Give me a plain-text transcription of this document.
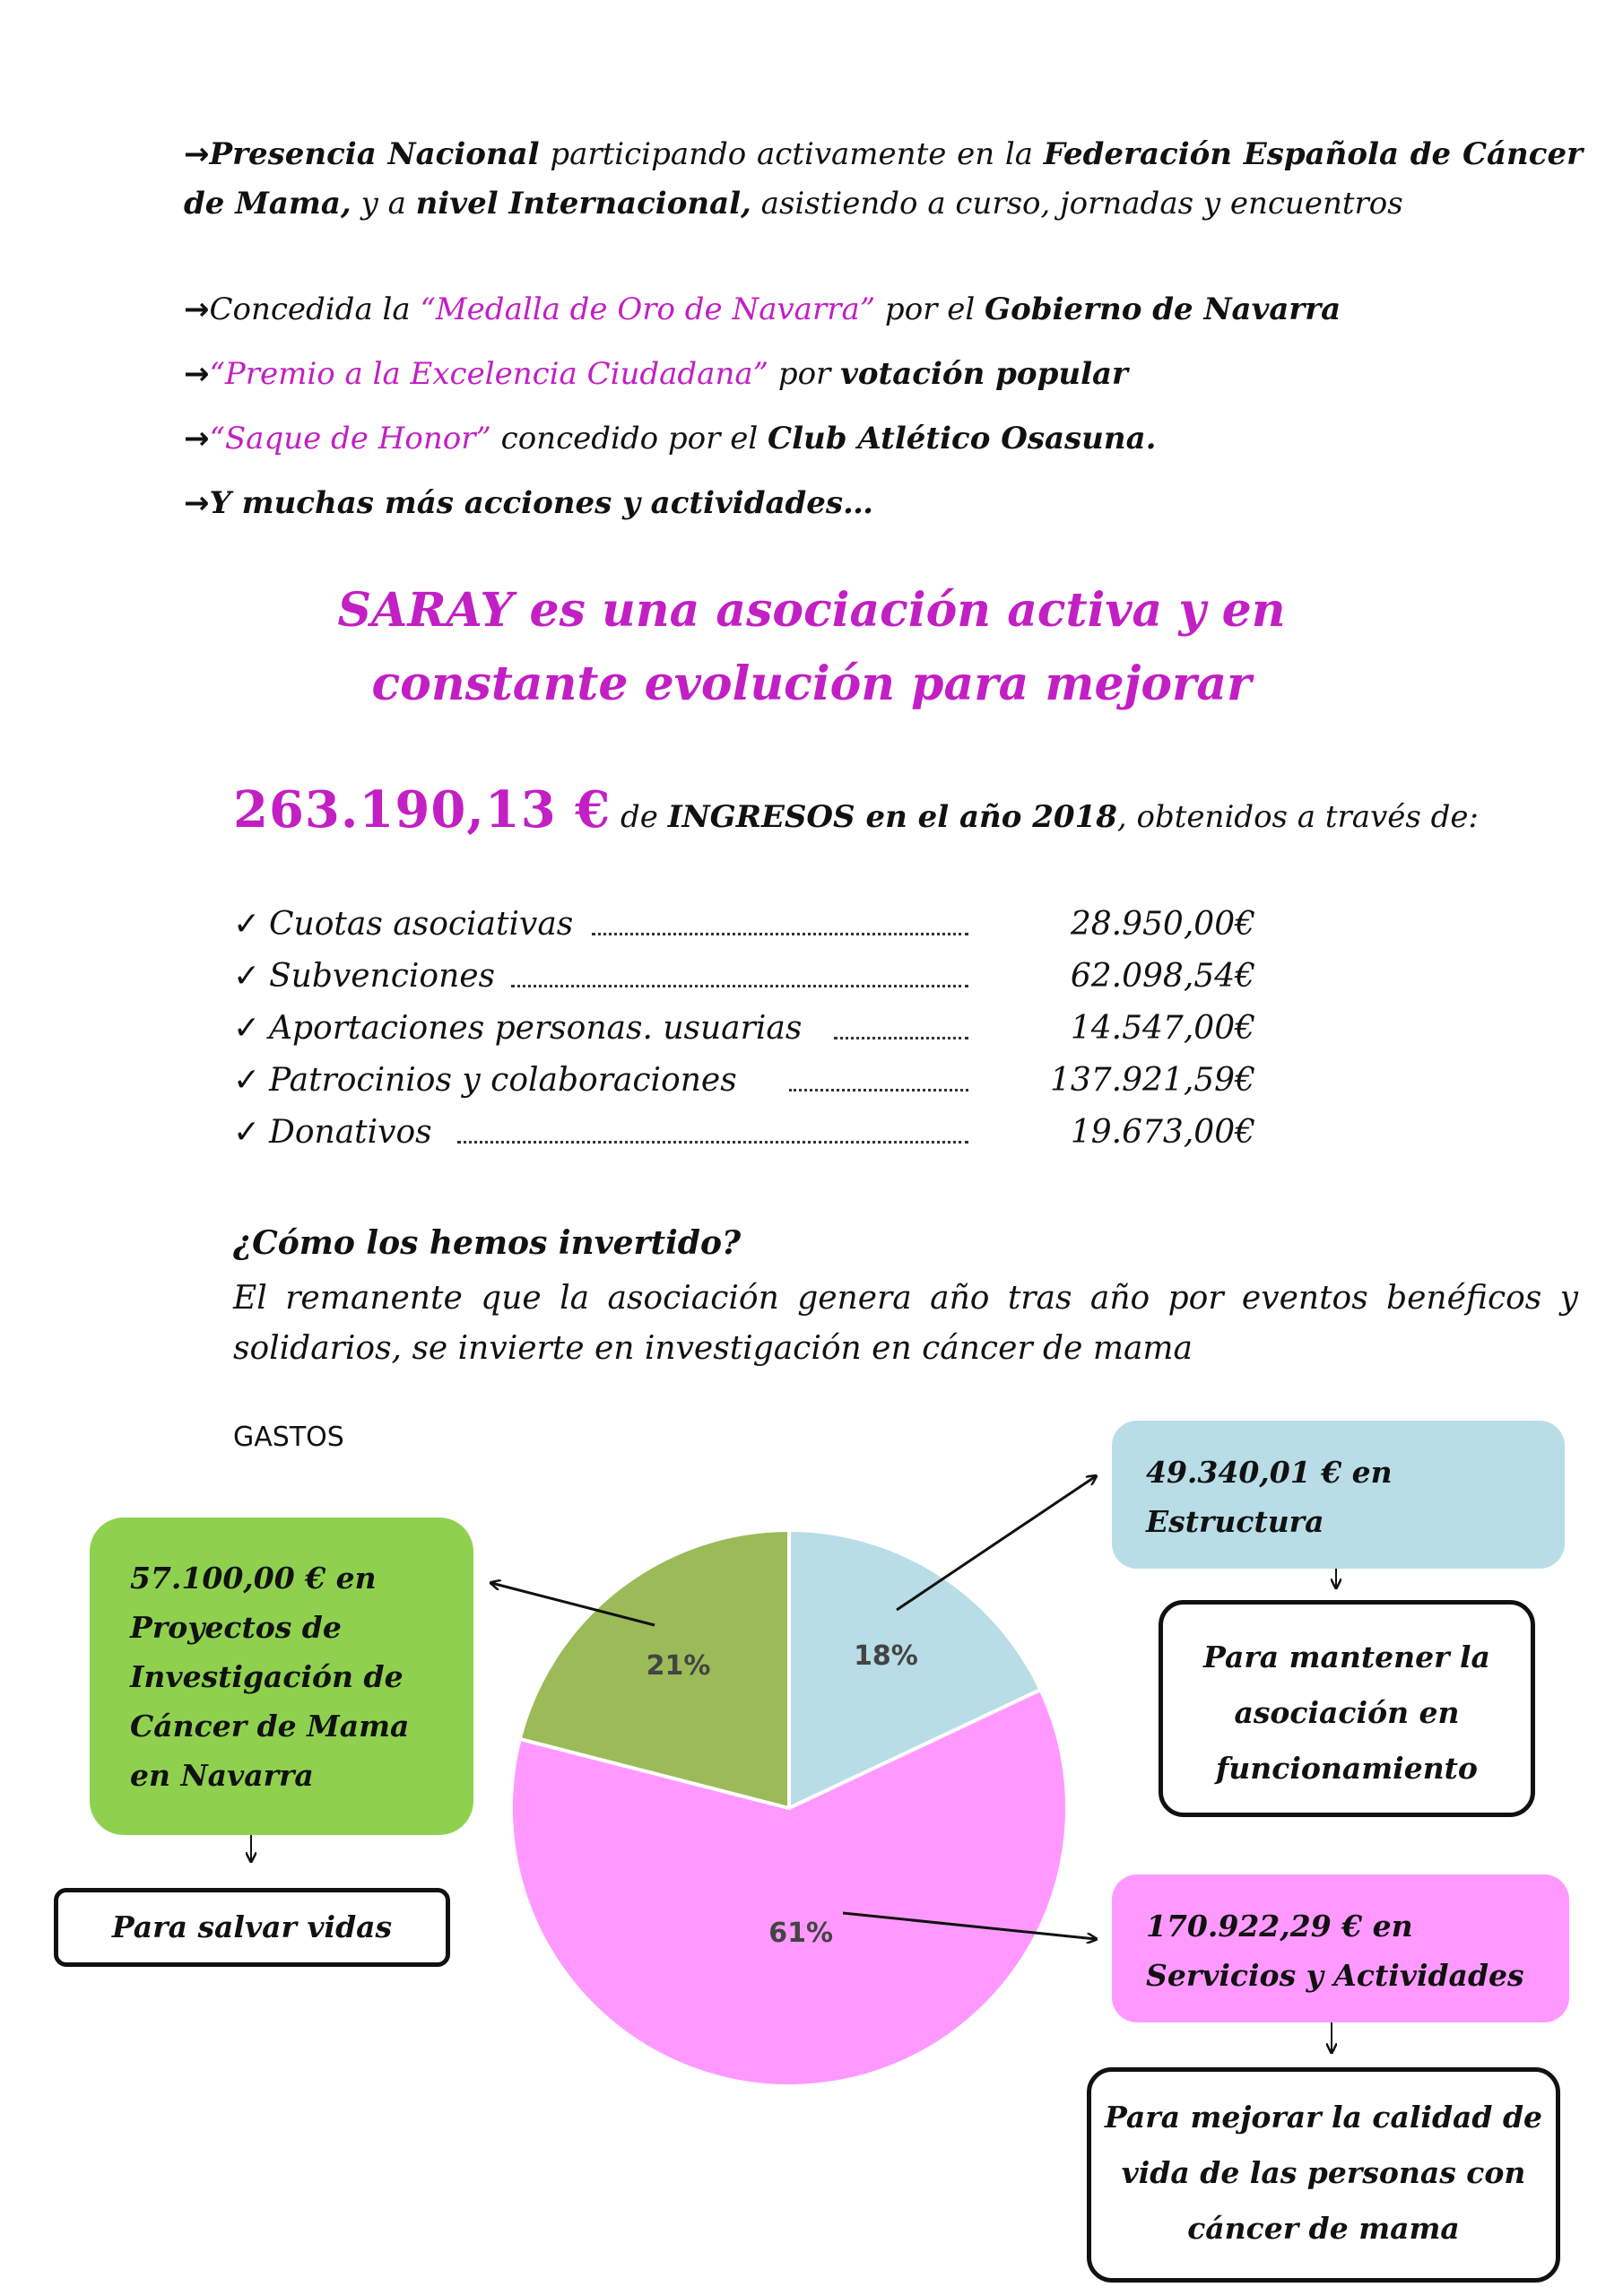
→Presencia Nacional participando activamente en la Federación Española de Cáncer de Mama, y a nivel Internacional, asistiendo a curso, jornadas y encuentros
→Concedida la “Medalla de Oro de Navarra” por el Gobierno de Navarra
→“Premio a la Excelencia Ciudadana” por votación popular
→“Saque de Honor” concedido por el Club Atlético Osasuna.
→Y muchas más acciones y actividades…
SARAY es una asociación activa y en constante evolución para mejorar
263.190,13 € de INGRESOS en el año 2018, obtenidos a través de:
✓ Cuotas asociativas	28.950,00€
✓ Subvenciones	62.098,54€
✓ Aportaciones personas. usuarias	14.547,00€
✓ Patrocinios y colaboraciones	137.921,59€
✓ Donativos	19.673,00€
¿Cómo los hemos invertido?
El remanente que la asociación genera año tras año por eventos benéficos y solidarios, se invierte en investigación en cáncer de mama
GASTOS
18%
61%
21%
57.100,00 € en Proyectos de Investigación de Cáncer de Mama en Navarra
Para salvar vidas
49.340,01 € en Estructura
Para mantener la asociación en funcionamiento
170.922,29 € en Servicios y Actividades
Para mejorar la calidad de vida de las personas con cáncer de mama
